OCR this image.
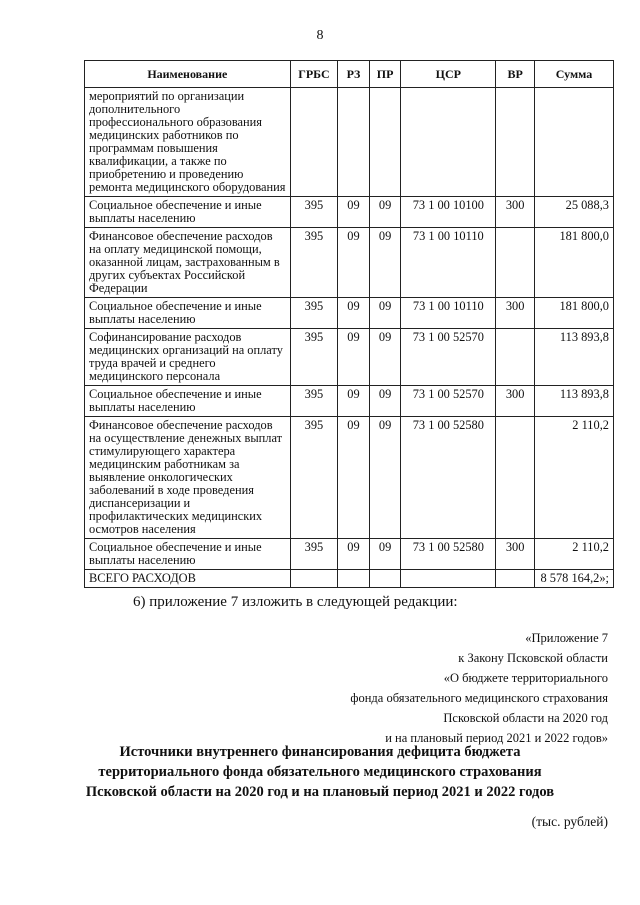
8
Наименование	ГРБС	РЗ	ПР	ЦСР	ВР	Сумма
мероприятий по организации дополнительного профессионального образования медицинских работников по программам повышения квалификации, а также по приобретению и проведению ремонта медицинского оборудования						
Социальное обеспечение и иные выплаты населению	395	09	09	73 1 00 10100	300	25 088,3
Финансовое обеспечение расходов на оплату медицинской помощи, оказанной лицам, застрахованным в других субъектах Российской Федерации	395	09	09	73 1 00 10110		181 800,0
Социальное обеспечение и иные выплаты населению	395	09	09	73 1 00 10110	300	181 800,0
Софинансирование расходов медицинских организаций на оплату труда врачей и среднего медицинского персонала	395	09	09	73 1 00 52570		113 893,8
Социальное обеспечение и иные выплаты населению	395	09	09	73 1 00 52570	300	113 893,8
Финансовое обеспечение расходов на осуществление денежных выплат стимулирующего характера медицинским работникам за выявление онкологических заболеваний в ходе проведения диспансеризации и профилактических медицинских осмотров населения	395	09	09	73 1 00 52580		2 110,2
Социальное обеспечение и иные выплаты населению	395	09	09	73 1 00 52580	300	2 110,2
ВСЕГО РАСХОДОВ						8 578 164,2»;
6) приложение 7 изложить в следующей редакции:
«Приложение 7
к Закону Псковской области
«О бюджете территориального
фонда обязательного медицинского страхования
Псковской области на 2020 год
и на плановый период 2021 и 2022 годов»
Источники внутреннего финансирования дефицита бюджета
территориального фонда обязательного медицинского страхования
Псковской области на 2020 год и на плановый период 2021 и 2022 годов
(тыс. рублей)
